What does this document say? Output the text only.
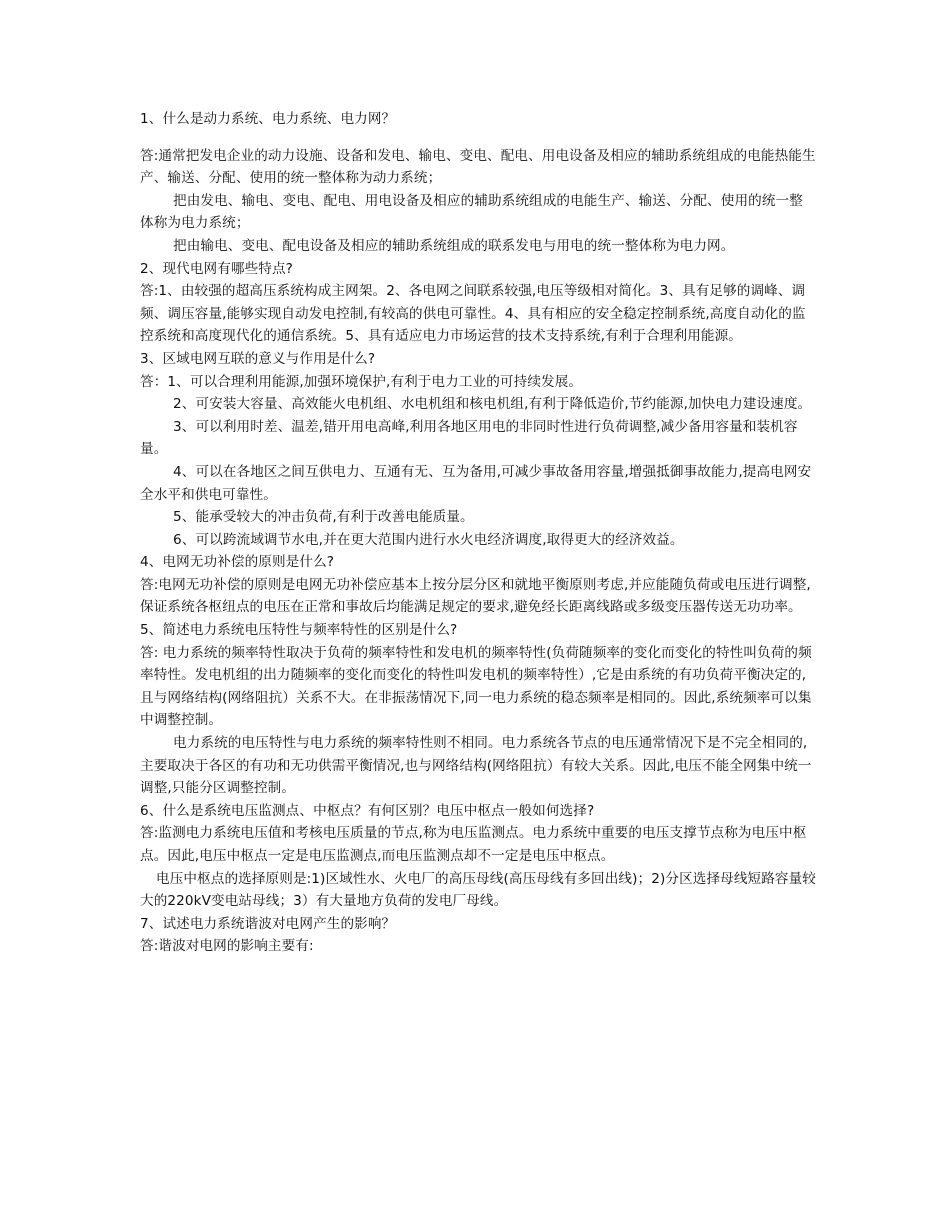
1、什么是动力系统、电力系统、电力网？

答:通常把发电企业的动力设施、设备和发电、输电、变电、配电、用电设备及相应的辅助系统组成的电能热能生产、输送、分配、使用的统一整体称为动力系统；

把由发电、输电、变电、配电、用电设备及相应的辅助系统组成的电能生产、输送、分配、使用的统一整体称为电力系统；

把由输电、变电、配电设备及相应的辅助系统组成的联系发电与用电的统一整体称为电力网。

2、现代电网有哪些特点?

答:1、由较强的超高压系统构成主网架。2、各电网之间联系较强,电压等级相对简化。3、具有足够的调峰、调频、调压容量,能够实现自动发电控制,有较高的供电可靠性。4、具有相应的安全稳定控制系统,高度自动化的监控系统和高度现代化的通信系统。5、具有适应电力市场运营的技术支持系统,有利于合理利用能源。

3、区域电网互联的意义与作用是什么?

答：1、可以合理利用能源,加强环境保护,有利于电力工业的可持续发展。

2、可安装大容量、高效能火电机组、水电机组和核电机组,有利于降低造价,节约能源,加快电力建设速度。

3、可以利用时差、温差,错开用电高峰,利用各地区用电的非同时性进行负荷调整,减少备用容量和装机容量。

4、可以在各地区之间互供电力、互通有无、互为备用,可减少事故备用容量,增强抵御事故能力,提高电网安全水平和供电可靠性。

5、能承受较大的冲击负荷,有利于改善电能质量。

6、可以跨流域调节水电,并在更大范围内进行水火电经济调度,取得更大的经济效益。

4、电网无功补偿的原则是什么?

答:电网无功补偿的原则是电网无功补偿应基本上按分层分区和就地平衡原则考虑,并应能随负荷或电压进行调整,保证系统各枢纽点的电压在正常和事故后均能满足规定的要求,避免经长距离线路或多级变压器传送无功功率。

5、简述电力系统电压特性与频率特性的区别是什么?

答: 电力系统的频率特性取决于负荷的频率特性和发电机的频率特性(负荷随频率的变化而变化的特性叫负荷的频率特性。发电机组的出力随频率的变化而变化的特性叫发电机的频率特性）,它是由系统的有功负荷平衡决定的,且与网络结构(网络阻抗）关系不大。在非振荡情况下,同一电力系统的稳态频率是相同的。因此,系统频率可以集中调整控制。

电力系统的电压特性与电力系统的频率特性则不相同。电力系统各节点的电压通常情况下是不完全相同的,主要取决于各区的有功和无功供需平衡情况,也与网络结构(网络阻抗）有较大关系。因此,电压不能全网集中统一调整,只能分区调整控制。

6、什么是系统电压监测点、中枢点？有何区别？电压中枢点一般如何选择?

答:监测电力系统电压值和考核电压质量的节点,称为电压监测点。电力系统中重要的电压支撑节点称为电压中枢点。因此,电压中枢点一定是电压监测点,而电压监测点却不一定是电压中枢点。

电压中枢点的选择原则是:1)区域性水、火电厂的高压母线(高压母线有多回出线)；2)分区选择母线短路容量较大的220kV变电站母线；3）有大量地方负荷的发电厂母线。

7、试述电力系统谐波对电网产生的影响？

答:谐波对电网的影响主要有:
